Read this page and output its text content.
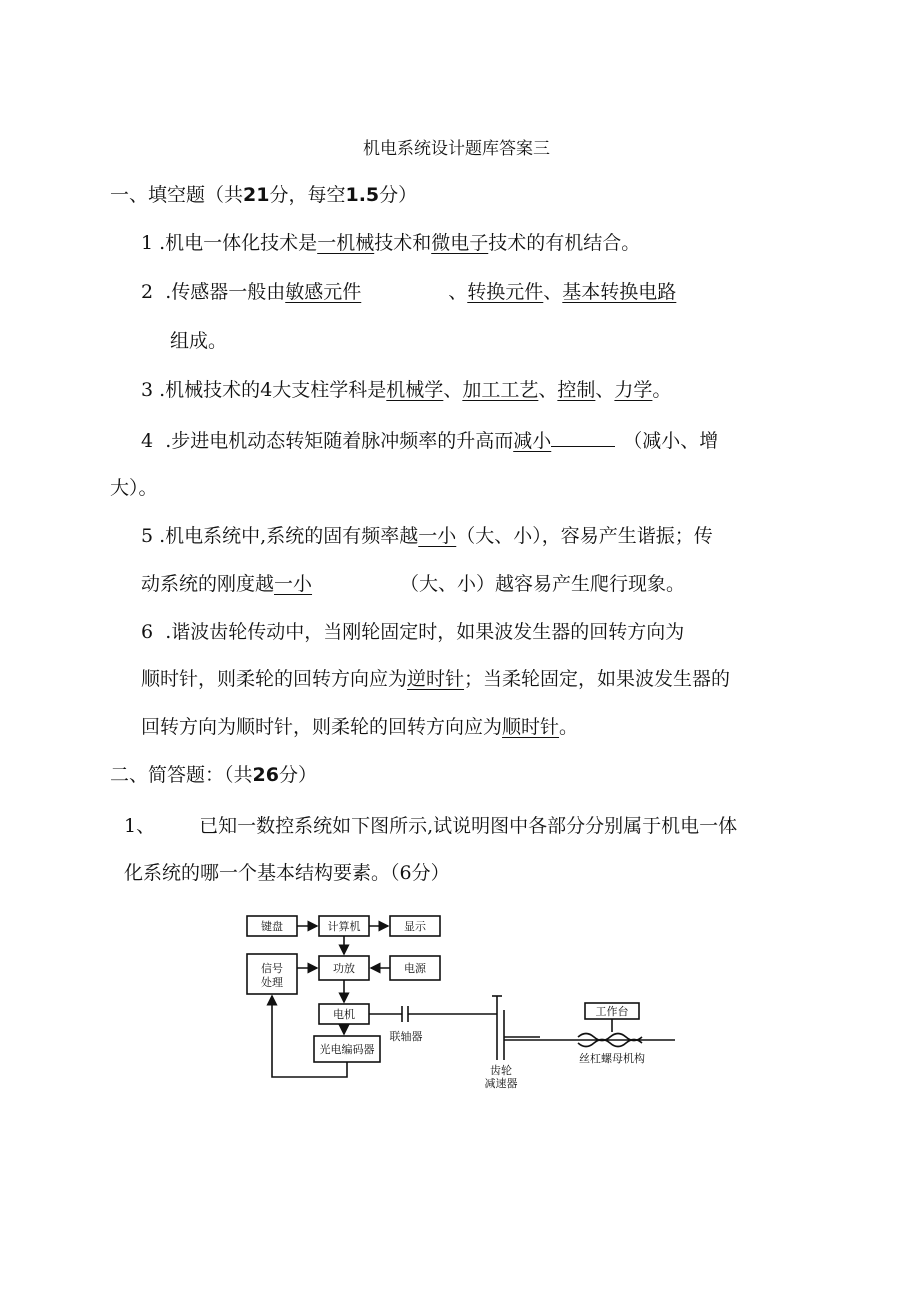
机电系统设计题库答案三
一、填空题（共21分，每空1.5分）
1 .机电一体化技术是一机械技术和微电子技术的有机结合。
2 .传感器一般由敏感元件	、转换元件、基本转换电路
组成。
3 .机械技术的4大支柱学科是机械学、加工工艺、控制、力学。
4 .步进电机动态转矩随着脉冲频率的升高而减小	（减小、增
大）。
5 .机电系统中,系统的固有频率越一小（大、小），容易产生谐振；传
动系统的刚度越一小	（大、小）越容易产生爬行现象。
6 .谐波齿轮传动中，当刚轮固定时，如果波发生器的回转方向为
顺时针，则柔轮的回转方向应为逆时针；当柔轮固定，如果波发生器的
回转方向为顺时针，则柔轮的回转方向应为顺时针。
二、简答题：（共26分）
1、 已知一数控系统如下图所示,试说明图中各部分分别属于机电一体
化系统的哪一个基本结构要素。（6分）
键盘	计算机	显示
信号
处理
功放	电源
电机
光电编码器
联轴器
齿轮
减速器
工作台
丝杠螺母机构
